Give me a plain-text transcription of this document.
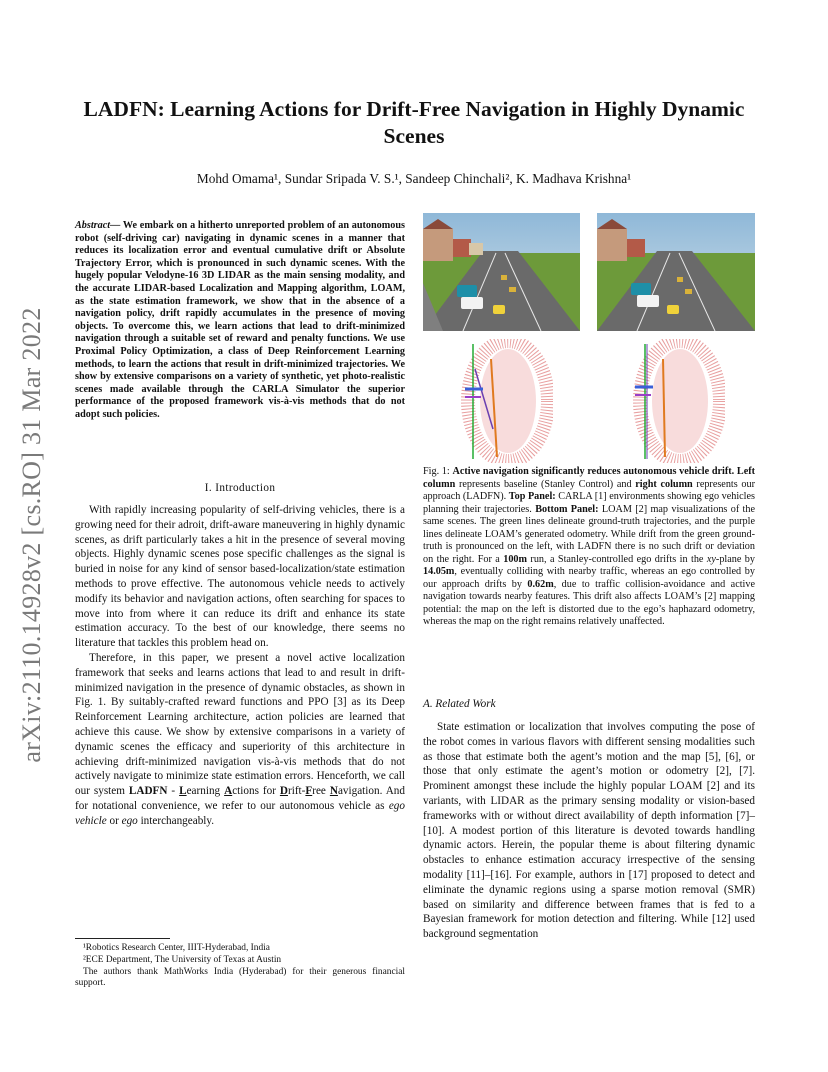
arXiv:2110.14928v2 [cs.RO] 31 Mar 2022
LADFN: Learning Actions for Drift-Free Navigation in Highly Dynamic Scenes
Mohd Omama¹, Sundar Sripada V. S.¹, Sandeep Chinchali², K. Madhava Krishna¹
Abstract— We embark on a hitherto unreported problem of an autonomous robot (self-driving car) navigating in dynamic scenes in a manner that reduces its localization error and eventual cumulative drift or Absolute Trajectory Error, which is pronounced in such dynamic scenes. With the hugely popular Velodyne-16 3D LIDAR as the main sensing modality, and the accurate LIDAR-based Localization and Mapping algorithm, LOAM, as the state estimation framework, we show that in the absence of a navigation policy, drift rapidly accumulates in the presence of moving objects. To overcome this, we learn actions that lead to drift-minimized navigation through a suitable set of reward and penalty functions. We use Proximal Policy Optimization, a class of Deep Reinforcement Learning methods, to learn the actions that result in drift-minimized trajectories. We show by extensive comparisons on a variety of synthetic, yet photo-realistic scenes made available through the CARLA Simulator the superior performance of the proposed framework vis-à-vis methods that do not adopt such policies.
I. Introduction

With rapidly increasing popularity of self-driving vehicles, there is a growing need for their adroit, drift-aware maneuvering in highly dynamic scenes, as drift particularly takes a hit in the presence of several moving objects. Highly dynamic scenes pose specific challenges as the signal is buried in noise for any kind of sensor based-localization/state estimation methods to prove effective. The autonomous vehicle needs to actively modify its behavior and navigation actions, often searching for spaces to move into from where it can reduce its drift and enhance its state estimation accuracy. To the best of our knowledge, there seems no literature that tackles this problem head on.

Therefore, in this paper, we present a novel active localization framework that seeks and learns actions that lead to and result in drift-minimized navigation in the presence of dynamic obstacles, as shown in Fig. 1. By suitably-crafted reward functions and PPO [3] as its Deep Reinforcement Learning architecture, action policies are learned that achieve this cause. We show by extensive comparisons in a variety of dynamic scenes the efficacy and superiority of this architecture in achieving drift-minimized navigation vis-à-vis methods that do not actively navigate to minimize state estimation errors. Henceforth, we call our system LADFN - Learning Actions for Drift-Free Navigation. And for notational convenience, we refer to our autonomous vehicle as ego vehicle or ego interchangeably.

¹Robotics Research Center, IIIT-Hyderabad, India
²ECE Department, The University of Texas at Austin
The authors thank MathWorks India (Hyderabad) for their generous financial support.
Fig. 1: Active navigation significantly reduces autonomous vehicle drift. Left column represents baseline (Stanley Control) and right column represents our approach (LADFN). Top Panel: CARLA [1] environments showing ego vehicles planning their trajectories. Bottom Panel: LOAM [2] map visualizations of the same scenes. The green lines delineate ground-truth trajectories, and the purple lines delineate LOAM’s generated odometry. While drift from the green ground-truth is pronounced on the left, with LADFN there is no such drift or deviation on the right. For a 100m run, a Stanley-controlled ego drifts in the xy-plane by 14.05m, eventually colliding with nearby traffic, whereas an ego controlled by our approach drifts by 0.62m, due to traffic collision-avoidance and active navigation towards nearby features. This drift also affects LOAM’s [2] mapping potential: the map on the left is distorted due to the ego’s haphazard odometry, whereas the map on the right remains relatively unaffected.
A. Related Work

State estimation or localization that involves computing the pose of the robot comes in various flavors with different sensing modalities such as those that estimate both the agent’s motion and the map [5], [6], or those that only estimate the agent’s motion or odometry [2], [7]. Prominent amongst these include the highly popular LOAM [2] and its variants, with LIDAR as the primary sensing modality or vision-based frameworks with or without direct availability of depth information [7]–[10]. A modest portion of this literature is devoted towards handling dynamic actors. Herein, the popular theme is about filtering dynamic obstacles to enhance estimation accuracy irrespective of the sensing modality [11]–[16]. For example, authors in [17] proposed to detect and eliminate the dynamic regions using a sparse motion removal (SMR) based on similarity and difference between frames that is fed to a Bayesian framework for motion detection and filtering. While [12] used background segmentation
